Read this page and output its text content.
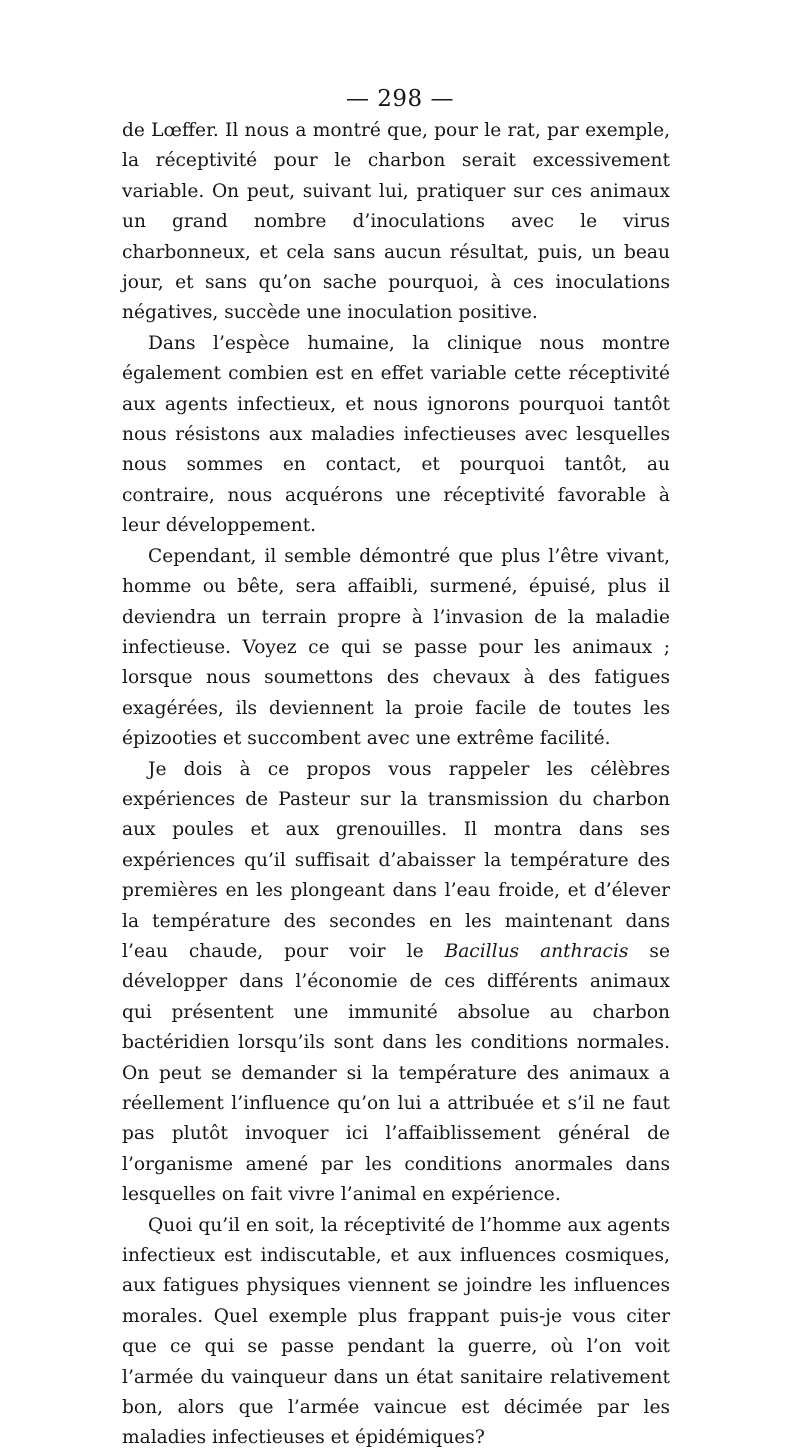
— 298 —

de Lœffer. Il nous a montré que, pour le rat, par exemple, la réceptivité pour le charbon serait excessivement variable. On peut, suivant lui, pratiquer sur ces animaux un grand nombre d’inoculations avec le virus charbonneux, et cela sans aucun résultat, puis, un beau jour, et sans qu’on sache pourquoi, à ces inoculations négatives, succède une inoculation positive.

Dans l’espèce humaine, la clinique nous montre également combien est en effet variable cette réceptivité aux agents infectieux, et nous ignorons pourquoi tantôt nous résistons aux maladies infectieuses avec lesquelles nous sommes en contact, et pourquoi tantôt, au contraire, nous acquérons une réceptivité favorable à leur développement.

Cependant, il semble démontré que plus l’être vivant, homme ou bête, sera affaibli, surmené, épuisé, plus il deviendra un terrain propre à l’invasion de la maladie infectieuse. Voyez ce qui se passe pour les animaux ; lorsque nous soumettons des chevaux à des fatigues exagérées, ils deviennent la proie facile de toutes les épizooties et succombent avec une extrême facilité.

Je dois à ce propos vous rappeler les célèbres expériences de Pasteur sur la transmission du charbon aux poules et aux grenouilles. Il montra dans ses expériences qu’il suffisait d’abaisser la température des premières en les plongeant dans l’eau froide, et d’élever la température des secondes en les maintenant dans l’eau chaude, pour voir le Bacillus anthracis se développer dans l’économie de ces différents animaux qui présentent une immunité absolue au charbon bactéridien lorsqu’ils sont dans les conditions normales. On peut se demander si la température des animaux a réellement l’influence qu’on lui a attribuée et s’il ne faut pas plutôt invoquer ici l’affaiblissement général de l’organisme amené par les conditions anormales dans lesquelles on fait vivre l’animal en expérience.

Quoi qu’il en soit, la réceptivité de l’homme aux agents infectieux est indiscutable, et aux influences cosmiques, aux fatigues physiques viennent se joindre les influences morales. Quel exemple plus frappant puis-je vous citer que ce qui se passe pendant la guerre, où l’on voit l’armée du vainqueur dans un état sanitaire relativement bon, alors que l’armée vaincue est décimée par les maladies infectieuses et épidémiques?
